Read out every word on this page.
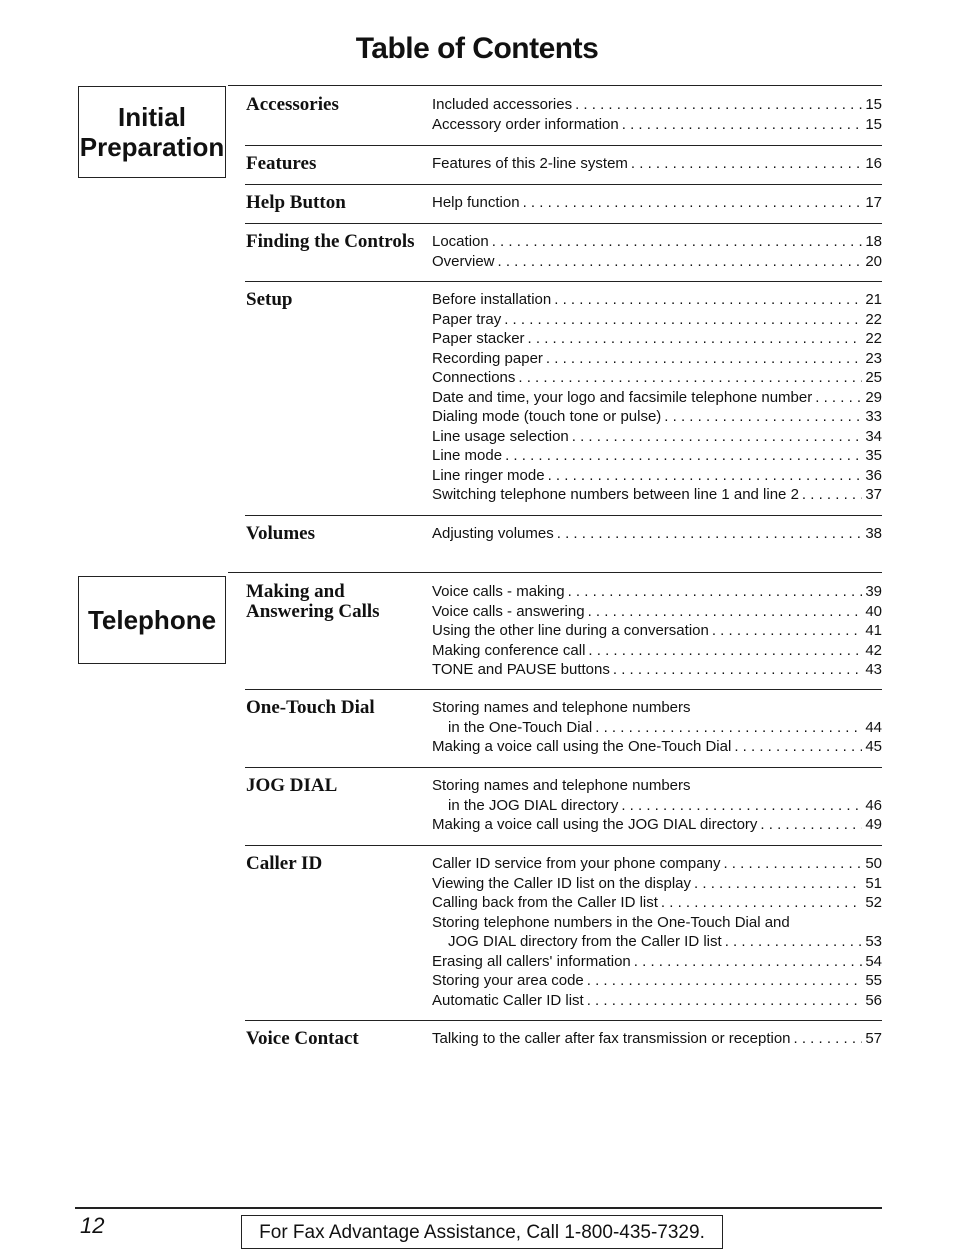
Table of Contents
Initial
Preparation
Telephone
Accessories	Included accessories . . .	15
Accessory order information . . .	15
Features	Features of this 2-line system . . .	16
Help Button	Help function . . .	17
Finding the Controls	Location . . .	18
Overview . . .	20
Setup	Before installation . . .	21
Paper tray . . .	22
Paper stacker . . .	22
Recording paper . . .	23
Connections . . .	25
Date and time, your logo and facsimile telephone number . . .	29
Dialing mode (touch tone or pulse) . . .	33
Line usage selection . . .	34
Line mode . . .	35
Line ringer mode . . .	36
Switching telephone numbers between line 1 and line 2 . . .	37
Volumes	Adjusting volumes . . .	38
Making and
Answering Calls
Voice calls - making . . .	39
Voice calls - answering . . .	40
Using the other line during a conversation . . .	41
Making conference call . . .	42
TONE and PAUSE buttons . . .	43
One-Touch Dial	Storing names and telephone numbers
in the One-Touch Dial . . .	44
Making a voice call using the One-Touch Dial . . .	45
JOG DIAL	Storing names and telephone numbers
in the JOG DIAL directory . . .	46
Making a voice call using the JOG DIAL directory . . .	49
Caller ID	Caller ID service from your phone company . . .	50
Viewing the Caller ID list on the display . . .	51
Calling back from the Caller ID list . . .	52
Storing telephone numbers in the One-Touch Dial and
JOG DIAL directory from the Caller ID list . . .	53
Erasing all callers' information . . .	54
Storing your area code . . .	55
Automatic Caller ID list . . .	56
Voice Contact	Talking to the caller after fax transmission or reception . . .	57
12	For Fax Advantage Assistance, Call 1-800-435-7329.
